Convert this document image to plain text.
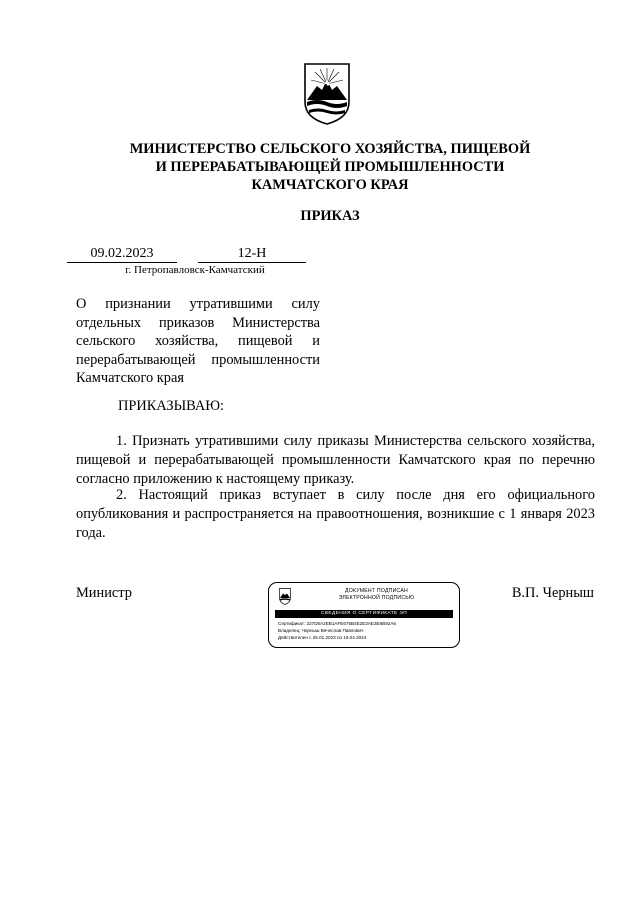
МИНИСТЕРСТВО СЕЛЬСКОГО ХОЗЯЙСТВА, ПИЩЕВОЙ
И ПЕРЕРАБАТЫВАЮЩЕЙ ПРОМЫШЛЕННОСТИ
КАМЧАТСКОГО КРАЯ
ПРИКАЗ
09.02.2023	12-Н
г. Петропавловск-Камчатский
О признании утратившими силу отдельных приказов Министерства сельского хозяйства, пищевой и перерабатывающей промышленности Камчатского края
ПРИКАЗЫВАЮ:
1. Признать утратившими силу приказы Министерства сельского хозяйства, пищевой и перерабатывающей промышленности Камчатского края по перечню согласно приложению к настоящему приказу.
2. Настоящий приказ вступает в силу после дня его официального опубликования и распространяется на правоотношения, возникшие с 1 января 2023 года.
Министр	ДОКУМЕНТ ПОДПИСАН
ЭЛЕКТРОННОЙ ПОДПИСЬЮ
СВЕДЕНИЯ О СЕРТИФИКАТЕ ЭП
Сертификат: 227D5A2EB1AFE675B4E2E3AE3E6B92A6
Владелец: Черныш Вячеслав Павлович
Действителен с 25.01.2023 по 19.04.2024
В.П. Черныш
